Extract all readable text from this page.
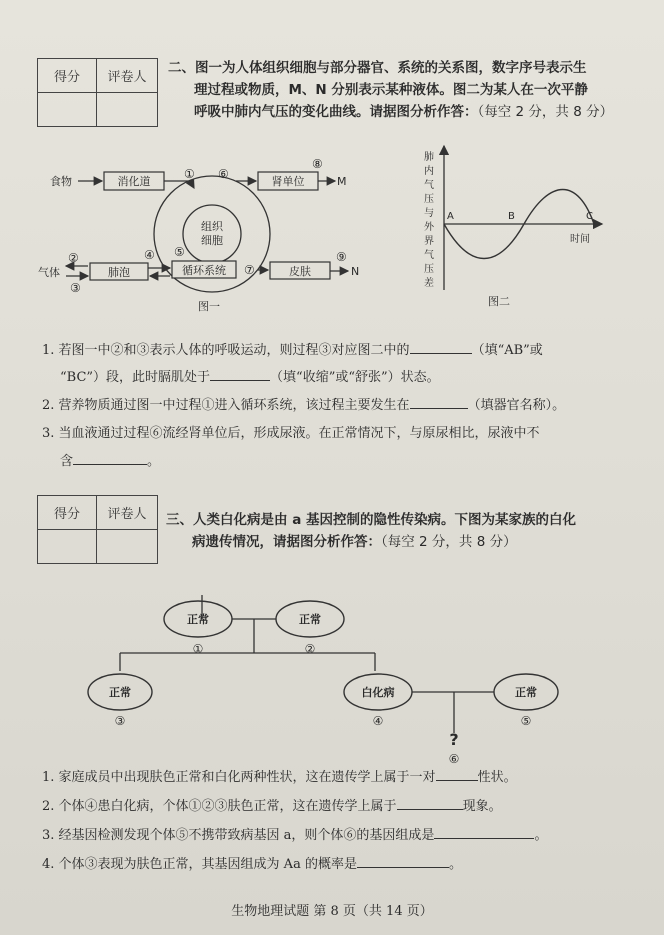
得分	评卷人

二、图一为人体组织细胞与部分器官、系统的关系图，数字序号表示生
理过程或物质，M、N 分别表示某种液体。图二为某人在一次平静
呼吸中肺内气压的变化曲线。请据图分析作答：（每空 2 分，共 8 分）
组织
细胞
食物	消化道
① ⑥
肾单位
⑧
M
气体
②
③
肺泡
④ ⑤
循环系统 ⑦	皮肤
⑨
N
图一
肺
内
气
压
与
外
界
气
压
差
A	B	C
时间
图二
1. 若图一中②和③表示人体的呼吸运动，则过程③对应图二中的	（填“AB”或
“BC”）段，此时膈肌处于	（填“收缩”或“舒张”）状态。
2. 营养物质通过图一中过程①进入循环系统，该过程主要发生在	（填器官名称）。
3. 当血液通过过程⑥流经肾单位后，形成尿液。在正常情况下，与原尿相比，尿液中不
含	。
得分	评卷人
	三、人类白化病是由 a 基因控制的隐性传染病。下图为某家族的白化
病遗传情况，请据图分析作答：（每空 2 分，共 8 分）
正常
①
正常
②
正常
③
白化病
④
正常
⑤
?
⑥
1. 家庭成员中出现肤色正常和白化两种性状，这在遗传学上属于一对	性状。
2. 个体④患白化病，个体①②③肤色正常，这在遗传学上属于	现象。
3. 经基因检测发现个体⑤不携带致病基因 a，则个体⑥的基因组成是	。
4. 个体③表现为肤色正常，其基因组成为 Aa 的概率是	。
生物地理试题 第 8 页（共 14 页）
